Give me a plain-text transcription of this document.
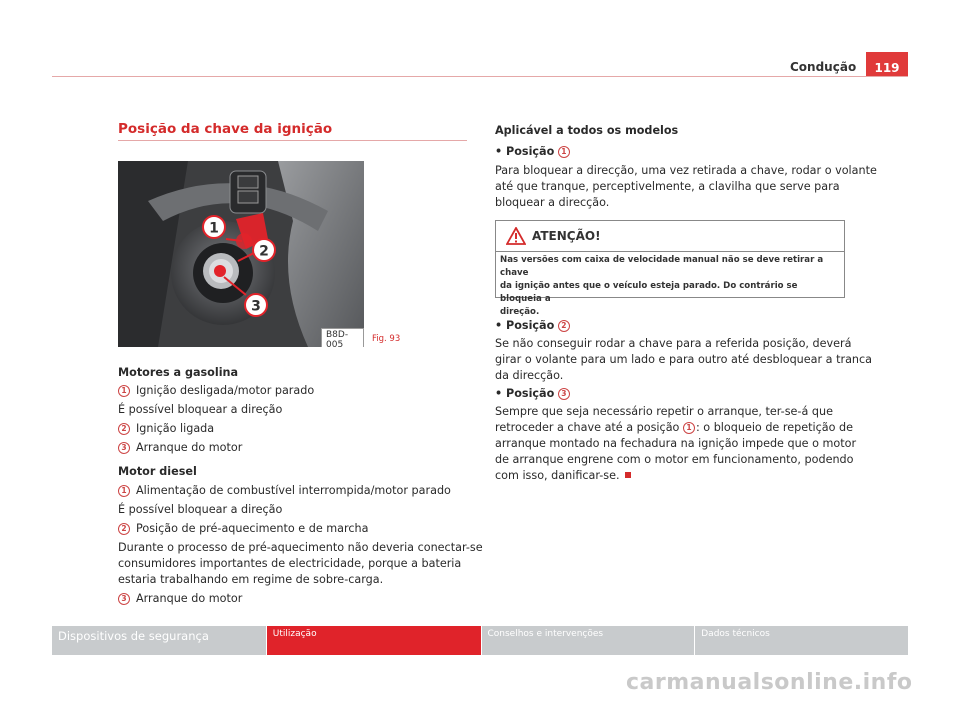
Condução	119
Posição da chave da ignição
1
2
3
B8D-005
Fig. 93
Motores a gasolina
1 Ignição desligada/motor parado
É possível bloquear a direção
2 Ignição ligada
3 Arranque do motor
Motor diesel
1 Alimentação de combustível interrompida/motor parado
É possível bloquear a direção
2 Posição de pré-aquecimento e de marcha
Durante o processo de pré-aquecimento não deveria conectar-se
consumidores importantes de electricidade, porque a bateria
estaria trabalhando em regime de sobre-carga.
3 Arranque do motor
Aplicável a todos os modelos
• Posição 1
Para bloquear a direcção, uma vez retirada a chave, rodar o volante
até que tranque, perceptivelmente, a clavilha que serve para
bloquear a direcção.
ATENÇÃO!
Nas versões com caixa de velocidade manual não se deve retirar a chave
da ignição antes que o veículo esteja parado. Do contrário se bloqueia a
direção.
• Posição 2
Se não conseguir rodar a chave para a referida posição, deverá
girar o volante para um lado e para outro até desbloquear a tranca
da direcção.
• Posição 3
Sempre que seja necessário repetir o arranque, ter-se-á que
retroceder a chave até a posição 1 : o bloqueio de repetição de
arranque montado na fechadura na ignição impede que o motor
de arranque engrene com o motor em funcionamento, podendo
com isso, danificar-se.
Dispositivos de segurança	Utilização	Conselhos e intervenções	Dados técnicos
carmanualsonline.info
